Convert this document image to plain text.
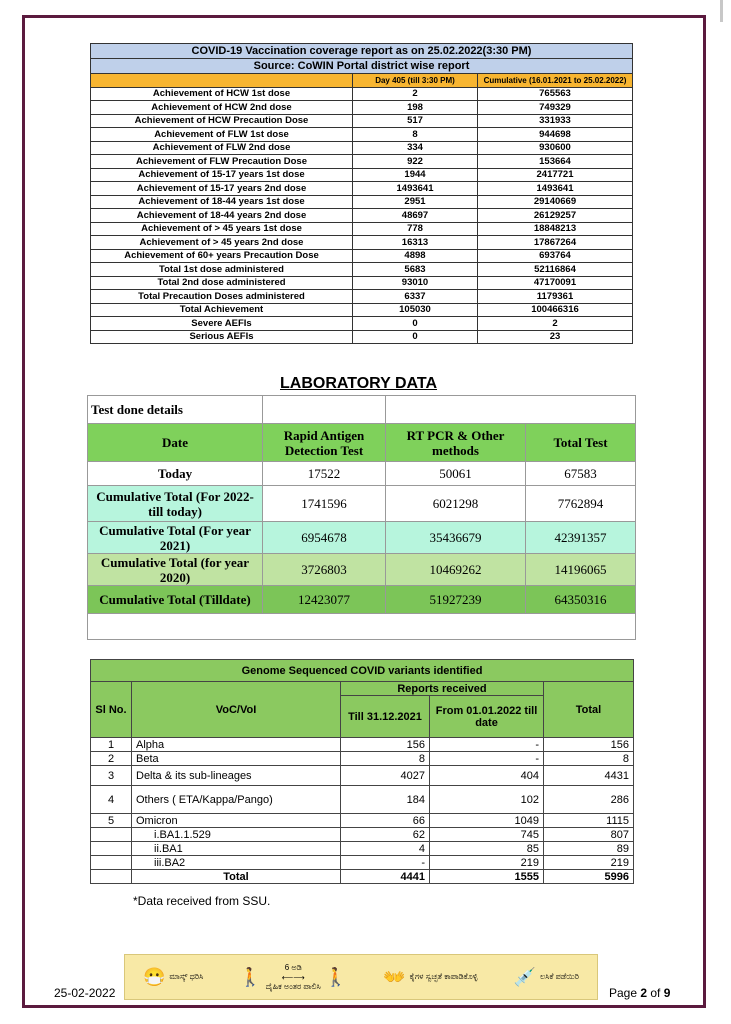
COVID-19 Vaccination coverage report as on 25.02.2022(3:30 PM)		
Source: CoWIN Portal district wise report		
	Day 405 (till 3:30 PM)	Cumulative (16.01.2021 to 25.02.2022)
Achievement of HCW 1st dose	2	765563
Achievement of HCW 2nd dose	198	749329
Achievement of HCW Precaution Dose	517	331933
Achievement of FLW 1st dose	8	944698
Achievement of FLW 2nd dose	334	930600
Achievement of FLW Precaution Dose	922	153664
Achievement of 15-17 years 1st dose	1944	2417721
Achievement of 15-17 years 2nd dose	1493641	1493641
Achievement of 18-44 years 1st dose	2951	29140669
Achievement of 18-44 years 2nd dose	48697	26129257
Achievement of > 45 years 1st dose	778	18848213
Achievement of > 45 years 2nd dose	16313	17867264
Achievement of 60+ years Precaution Dose	4898	693764
Total 1st dose administered	5683	52116864
Total 2nd dose administered	93010	47170091
Total Precaution Doses administered	6337	1179361
Total Achievement	105030	100466316
Severe AEFIs	0	2
Serious AEFIs	0	23
LABORATORY DATA
Test done details			
Date	Rapid Antigen Detection Test	RT PCR & Other methods	Total Test
Today	17522	50061	67583
Cumulative Total (For 2022- till today)	1741596	6021298	7762894
Cumulative Total (For year 2021)	6954678	35436679	42391357
Cumulative Total (for year 2020)	3726803	10469262	14196065
Cumulative Total (Tilldate)	12423077	51927239	64350316

Genome Sequenced COVID variants identified				
Sl No.	VoC/VoI	Reports received		Total
		Till 31.12.2021	From 01.01.2022 till date	
1	Alpha	156	-	156
2	Beta	8	-	8
3	Delta & its sub-lineages	4027	404	4431
4	Others ( ETA/Kappa/Pango)	184	102	286
5	Omicron	66	1049	1115
	i.BA1.1.529	62	745	807
	ii.BA1	4	85	89
	iii.BA2	-	219	219
	Total	4441	1555	5996
*Data received from SSU.
😷 ಮಾಸ್ಕ್ ಧರಿಸಿ 🚶	6 ಅಡಿ
⟵⟶
ದೈಹಿಕ ಅಂತರ ಪಾಲಿಸಿ 🚶 👐 ಕೈಗಳ ಸ್ವಚ್ಛತೆ ಕಾಪಾಡಿಕೊಳ್ಳಿ 💉 ಲಸಿಕೆ ಪಡೆಯಿರಿ
25-02-2022	Page 2 of 9
